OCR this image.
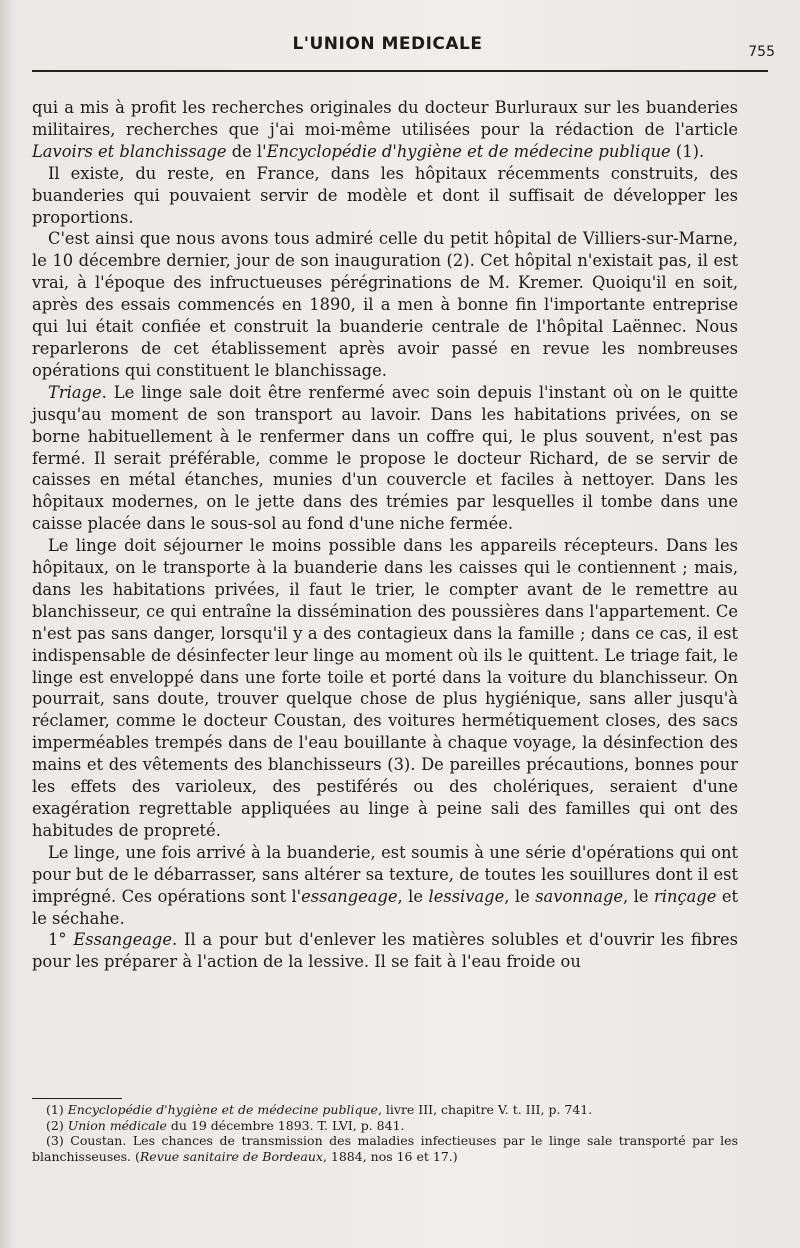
L'UNION MEDICALE	755

qui a mis à profit les recherches originales du docteur Burluraux sur les buanderies militaires, recherches que j'ai moi-même utilisées pour la rédaction de l'article Lavoirs et blanchissage de l'Encyclopédie d'hygiène et de médecine publique (1).

Il existe, du reste, en France, dans les hôpitaux récemments construits, des buanderies qui pouvaient servir de modèle et dont il suffisait de développer les proportions.

C'est ainsi que nous avons tous admiré celle du petit hôpital de Villiers-sur-Marne, le 10 décembre dernier, jour de son inauguration (2). Cet hôpital n'existait pas, il est vrai, à l'époque des infructueuses pérégrinations de M. Kremer. Quoiqu'il en soit, après des essais commencés en 1890, il a men à bonne fin l'importante entreprise qui lui était confiée et construit la buanderie centrale de l'hôpital Laënnec. Nous reparlerons de cet établissement après avoir passé en revue les nombreuses opérations qui constituent le blanchissage.

Triage. Le linge sale doit être renfermé avec soin depuis l'instant où on le quitte jusqu'au moment de son transport au lavoir. Dans les habitations privées, on se borne habituellement à le renfermer dans un coffre qui, le plus souvent, n'est pas fermé. Il serait préférable, comme le propose le docteur Richard, de se servir de caisses en métal étanches, munies d'un couvercle et faciles à nettoyer. Dans les hôpitaux modernes, on le jette dans des trémies par lesquelles il tombe dans une caisse placée dans le sous-sol au fond d'une niche fermée.

Le linge doit séjourner le moins possible dans les appareils récepteurs. Dans les hôpitaux, on le transporte à la buanderie dans les caisses qui le contiennent ; mais, dans les habitations privées, il faut le trier, le compter avant de le remettre au blanchisseur, ce qui entraîne la dissémination des poussières dans l'appartement. Ce n'est pas sans danger, lorsqu'il y a des contagieux dans la famille ; dans ce cas, il est indispensable de désinfecter leur linge au moment où ils le quittent. Le triage fait, le linge est enveloppé dans une forte toile et porté dans la voiture du blanchisseur. On pourrait, sans doute, trouver quelque chose de plus hygiénique, sans aller jusqu'à réclamer, comme le docteur Coustan, des voitures hermétiquement closes, des sacs imperméables trempés dans de l'eau bouillante à chaque voyage, la désinfection des mains et des vêtements des blanchisseurs (3). De pareilles précautions, bonnes pour les effets des varioleux, des pestiférés ou des cholériques, seraient d'une exagération regrettable appliquées au linge à peine sali des familles qui ont des habitudes de propreté.

Le linge, une fois arrivé à la buanderie, est soumis à une série d'opérations qui ont pour but de le débarrasser, sans altérer sa texture, de toutes les souillures dont il est imprégné. Ces opérations sont l'essangeage, le lessivage, le savonnage, le rinçage et le séchahe.

1° Essangeage. Il a pour but d'enlever les matières solubles et d'ouvrir les fibres pour les préparer à l'action de la lessive. Il se fait à l'eau froide ou

(1) Encyclopédie d'hygiène et de médecine publique, livre III, chapitre V. t. III, p. 741.

(2) Union médicale du 19 décembre 1893. T. LVI, p. 841.

(3) Coustan. Les chances de transmission des maladies infectieuses par le linge sale transporté par les blanchisseuses. (Revue sanitaire de Bordeaux, 1884, nos 16 et 17.)
